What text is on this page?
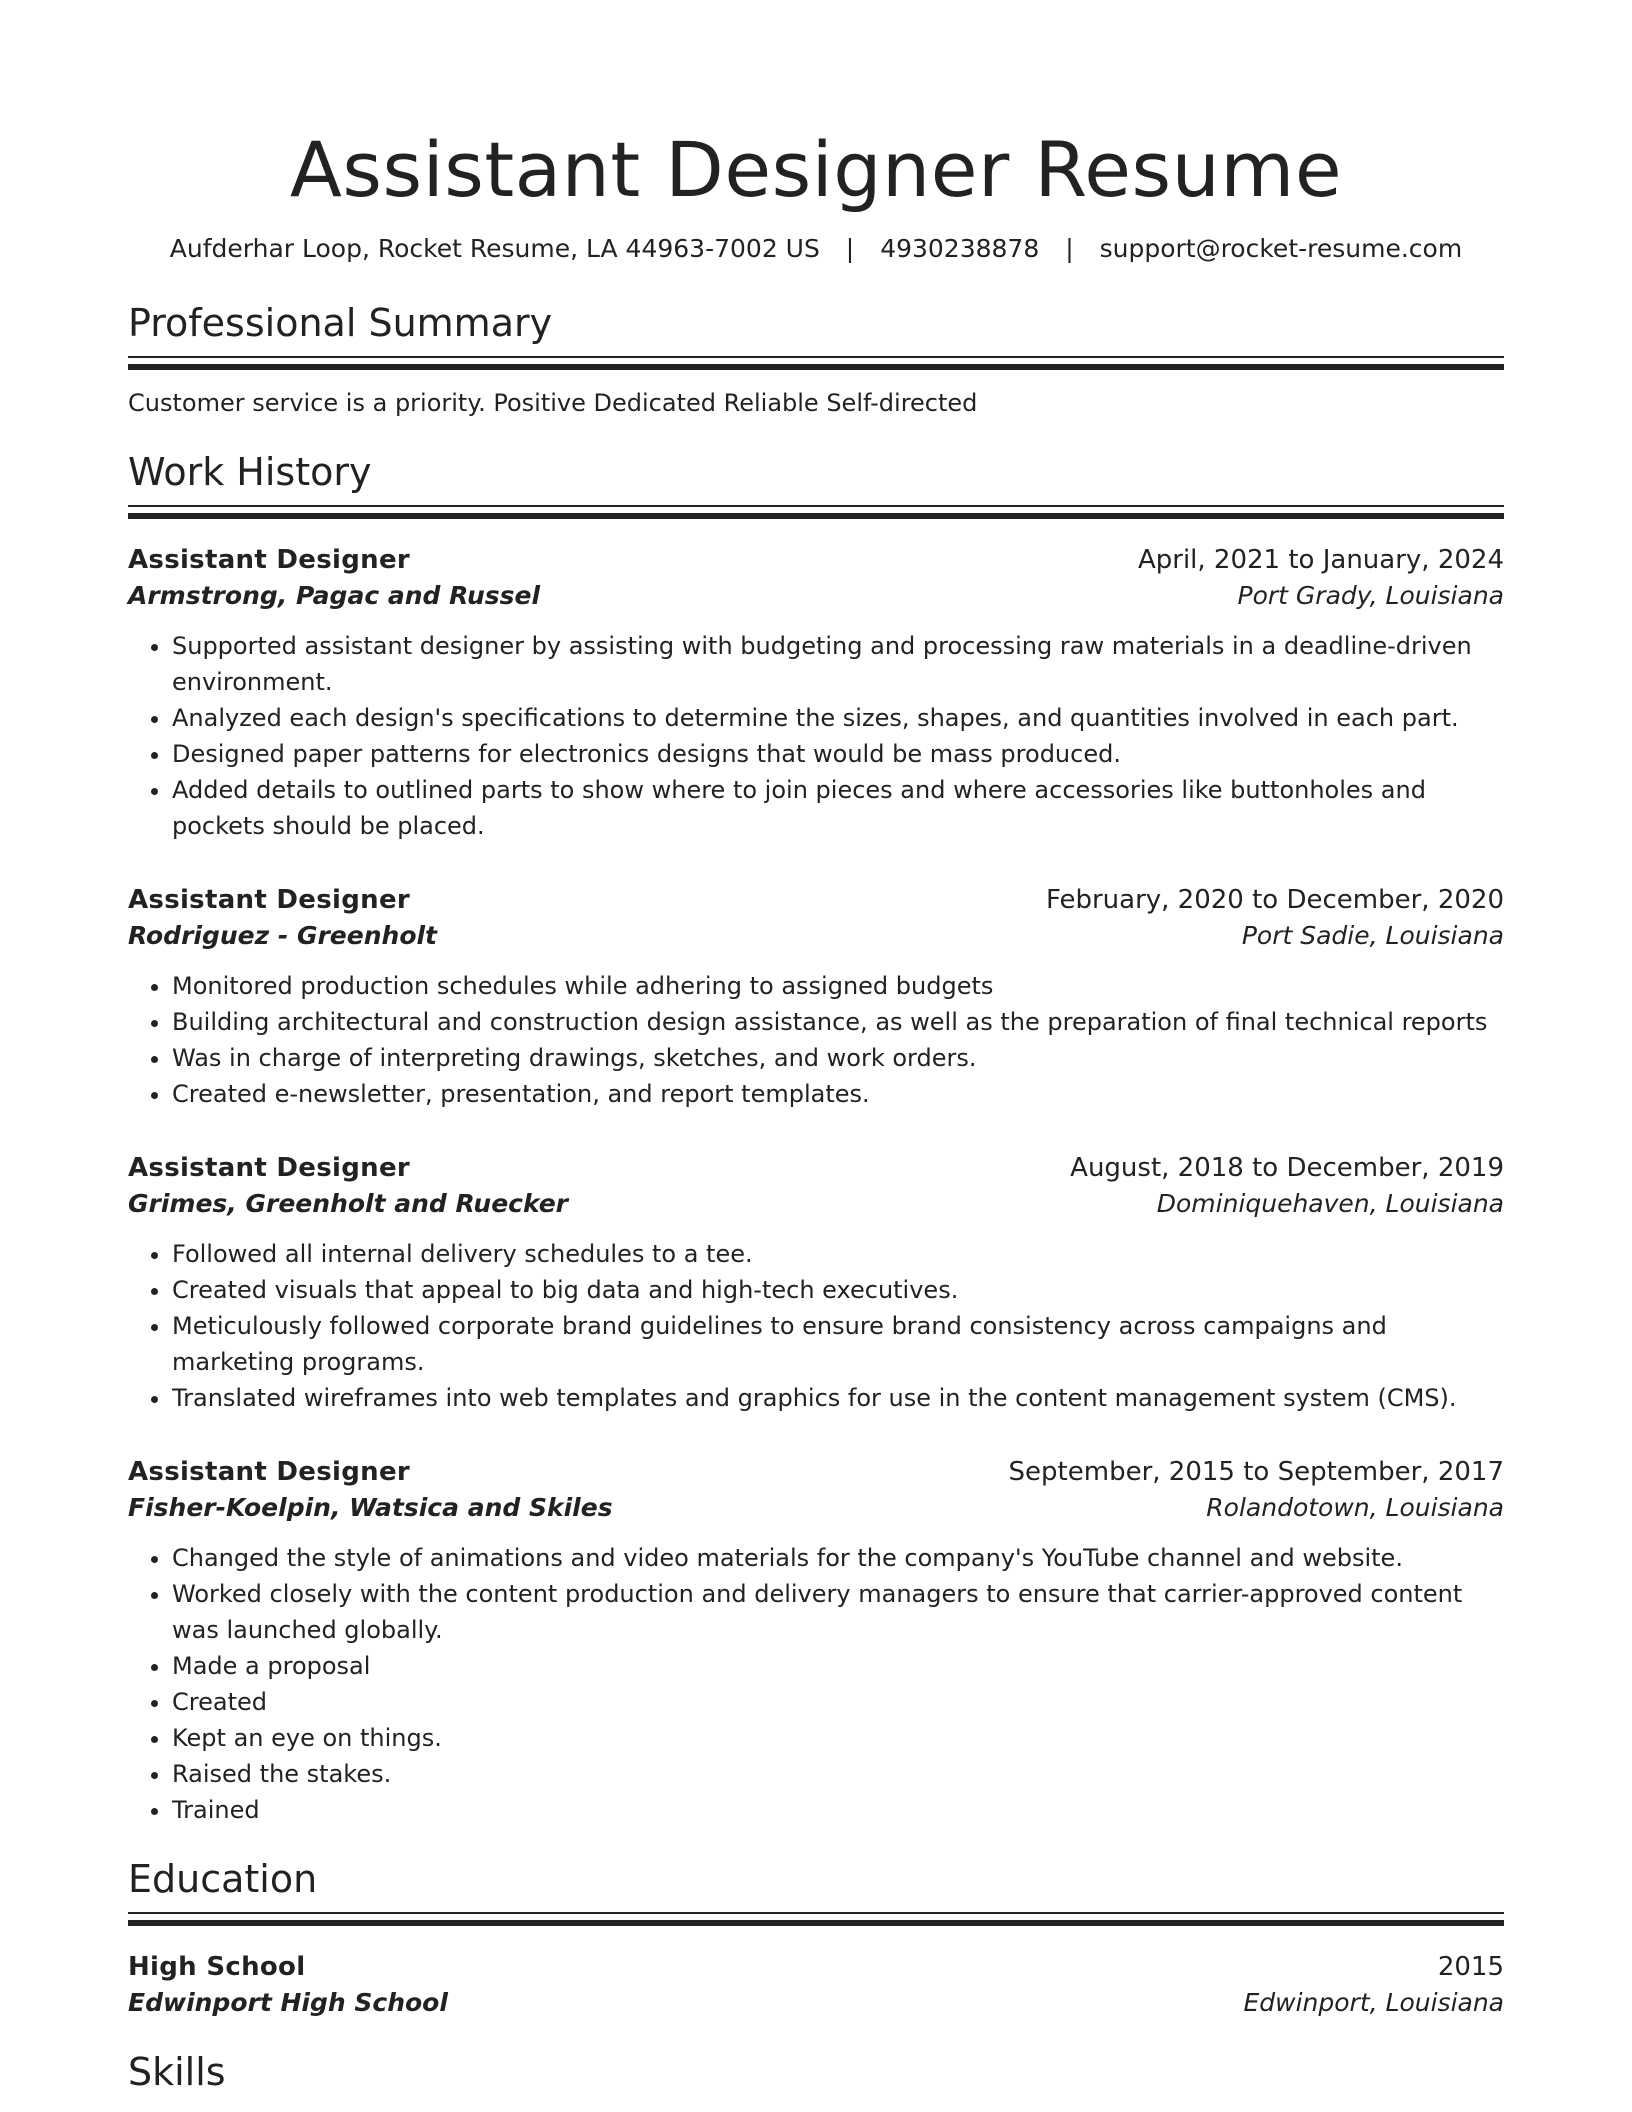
Assistant Designer Resume
Aufderhar Loop, Rocket Resume, LA 44963-7002 US | 4930238878 | support@rocket-resume.com
Professional Summary
Customer service is a priority. Positive Dedicated Reliable Self-directed
Work History
Assistant Designer	April, 2021 to January, 2024
Armstrong, Pagac and Russel	Port Grady, Louisiana
• Supported assistant designer by assisting with budgeting and processing raw materials in a deadline-driven environment.
• Analyzed each design's specifications to determine the sizes, shapes, and quantities involved in each part.
• Designed paper patterns for electronics designs that would be mass produced.
• Added details to outlined parts to show where to join pieces and where accessories like buttonholes and pockets should be placed.
Assistant Designer	February, 2020 to December, 2020
Rodriguez - Greenholt	Port Sadie, Louisiana
• Monitored production schedules while adhering to assigned budgets
• Building architectural and construction design assistance, as well as the preparation of final technical reports
• Was in charge of interpreting drawings, sketches, and work orders.
• Created e-newsletter, presentation, and report templates.
Assistant Designer	August, 2018 to December, 2019
Grimes, Greenholt and Ruecker	Dominiquehaven, Louisiana
• Followed all internal delivery schedules to a tee.
• Created visuals that appeal to big data and high-tech executives.
• Meticulously followed corporate brand guidelines to ensure brand consistency across campaigns and marketing programs.
• Translated wireframes into web templates and graphics for use in the content management system (CMS).
Assistant Designer	September, 2015 to September, 2017
Fisher-Koelpin, Watsica and Skiles	Rolandotown, Louisiana
• Changed the style of animations and video materials for the company's YouTube channel and website.
• Worked closely with the content production and delivery managers to ensure that carrier-approved content was launched globally.
• Made a proposal
• Created
• Kept an eye on things.
• Raised the stakes.
• Trained
Education
High School	2015
Edwinport High School	Edwinport, Louisiana
Skills
